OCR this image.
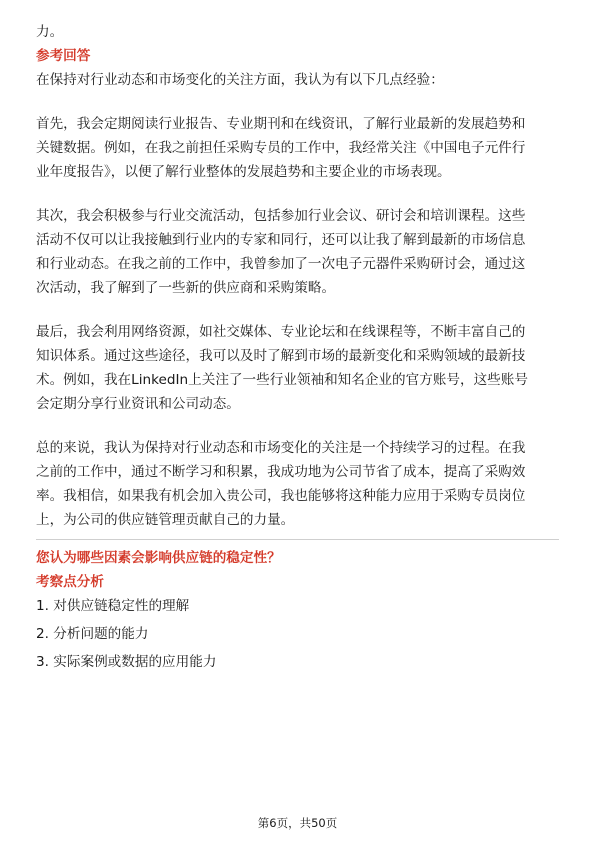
力。

参考回答

在保持对行业动态和市场变化的关注方面，我认为有以下几点经验：

首先，我会定期阅读行业报告、专业期刊和在线资讯，了解行业最新的发展趋势和

关键数据。例如，在我之前担任采购专员的工作中，我经常关注《中国电子元件行

业年度报告》，以便了解行业整体的发展趋势和主要企业的市场表现。

其次，我会积极参与行业交流活动，包括参加行业会议、研讨会和培训课程。这些

活动不仅可以让我接触到行业内的专家和同行，还可以让我了解到最新的市场信息

和行业动态。在我之前的工作中，我曾参加了一次电子元器件采购研讨会，通过这

次活动，我了解到了一些新的供应商和采购策略。

最后，我会利用网络资源，如社交媒体、专业论坛和在线课程等，不断丰富自己的

知识体系。通过这些途径，我可以及时了解到市场的最新变化和采购领域的最新技

术。例如，我在LinkedIn上关注了一些行业领袖和知名企业的官方账号，这些账号

会定期分享行业资讯和公司动态。

总的来说，我认为保持对行业动态和市场变化的关注是一个持续学习的过程。在我

之前的工作中，通过不断学习和积累，我成功地为公司节省了成本，提高了采购效

率。我相信，如果我有机会加入贵公司，我也能够将这种能力应用于采购专员岗位

上，为公司的供应链管理贡献自己的力量。

您认为哪些因素会影响供应链的稳定性？

考察点分析

1. 对供应链稳定性的理解

2. 分析问题的能力

3. 实际案例或数据的应用能力

第6页，共50页
